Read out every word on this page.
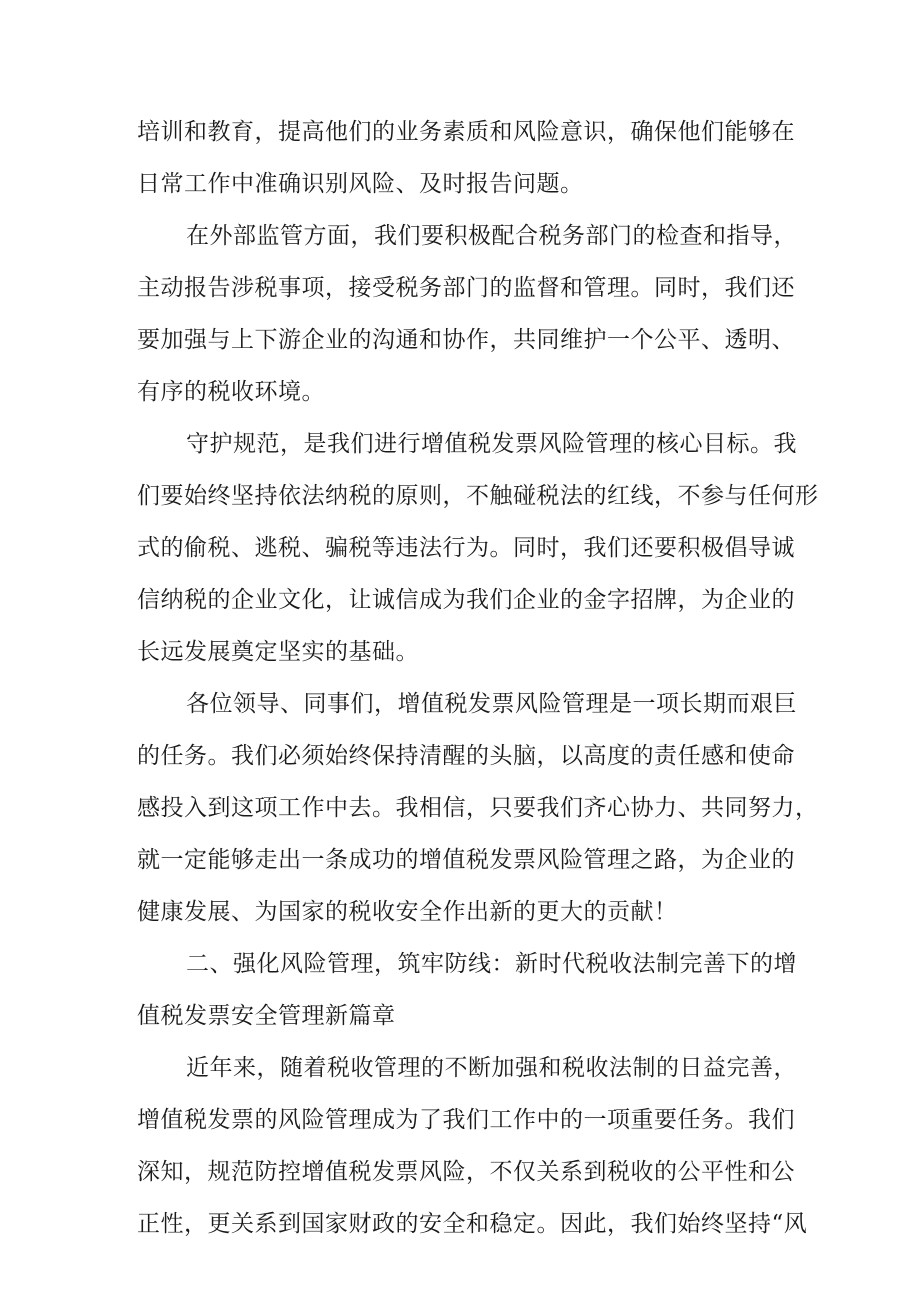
培训和教育，提高他们的业务素质和风险意识，确保他们能够在

日常工作中准确识别风险、及时报告问题。

在外部监管方面，我们要积极配合税务部门的检查和指导，

主动报告涉税事项，接受税务部门的监督和管理。同时，我们还

要加强与上下游企业的沟通和协作，共同维护一个公平、透明、

有序的税收环境。

守护规范，是我们进行增值税发票风险管理的核心目标。我

们要始终坚持依法纳税的原则，不触碰税法的红线，不参与任何形

式的偷税、逃税、骗税等违法行为。同时，我们还要积极倡导诚

信纳税的企业文化，让诚信成为我们企业的金字招牌，为企业的

长远发展奠定坚实的基础。

各位领导、同事们，增值税发票风险管理是一项长期而艰巨

的任务。我们必须始终保持清醒的头脑，以高度的责任感和使命

感投入到这项工作中去。我相信，只要我们齐心协力、共同努力，

就一定能够走出一条成功的增值税发票风险管理之路，为企业的

健康发展、为国家的税收安全作出新的更大的贡献！

二、强化风险管理，筑牢防线：新时代税收法制完善下的增

值税发票安全管理新篇章

近年来，随着税收管理的不断加强和税收法制的日益完善，

增值税发票的风险管理成为了我们工作中的一项重要任务。我们

深知，规范防控增值税发票风险，不仅关系到税收的公平性和公

正性，更关系到国家财政的安全和稳定。因此，我们始终坚持“风
